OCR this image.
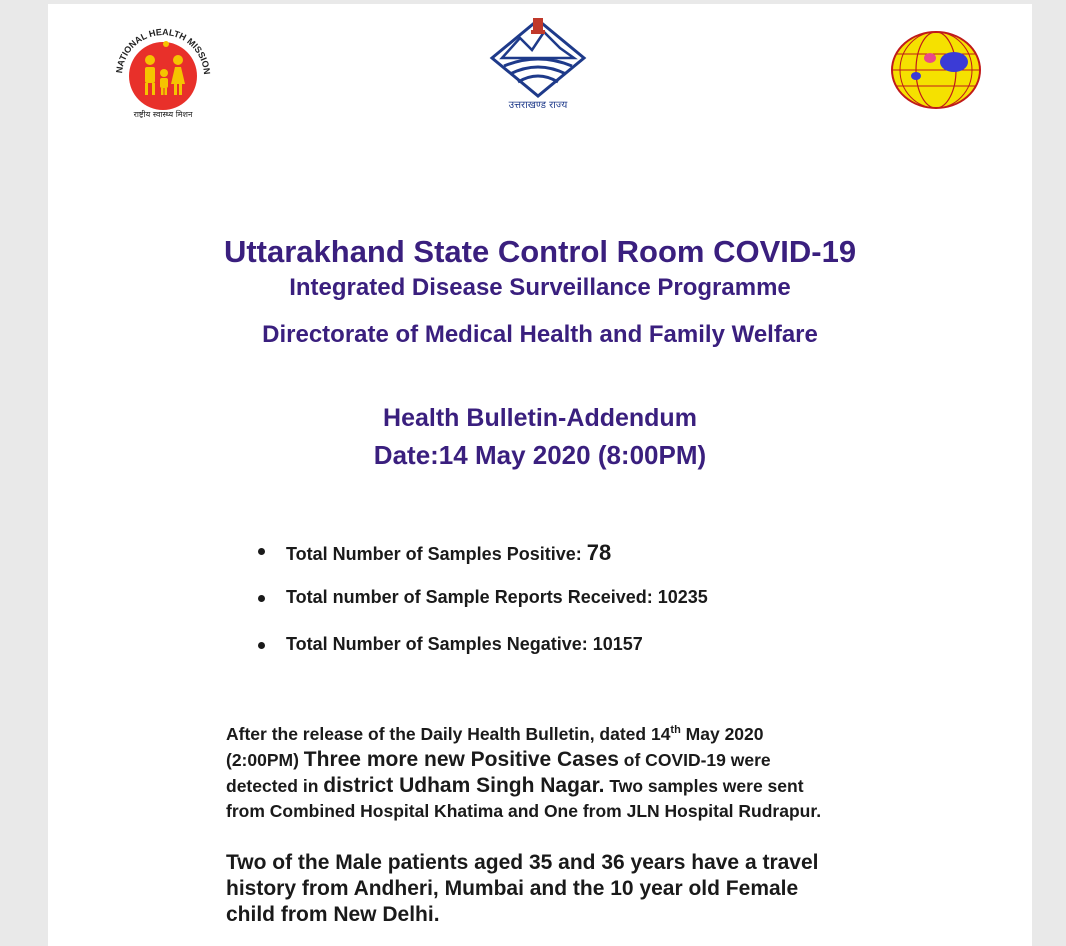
NATIONAL HEALTH MISSION
राष्ट्रीय स्वास्थ्य मिशन
उत्तराखण्ड राज्य
Uttarakhand State Control Room COVID-19
Integrated Disease Surveillance Programme
Directorate of Medical Health and Family Welfare
Health Bulletin-Addendum
Date:14 May 2020 (8:00PM)
Total Number of Samples Positive: 78
Total number of Sample Reports Received: 10235
Total Number of Samples Negative: 10157
After the release of the Daily Health Bulletin, dated 14th May 2020
(2:00PM) Three more new Positive Cases of COVID-19 were
detected in district Udham Singh Nagar. Two samples were sent
from Combined Hospital Khatima and One from JLN Hospital Rudrapur.
Two of the Male patients aged 35 and 36 years have a travel
history from Andheri, Mumbai and the 10 year old Female
child from New Delhi.
